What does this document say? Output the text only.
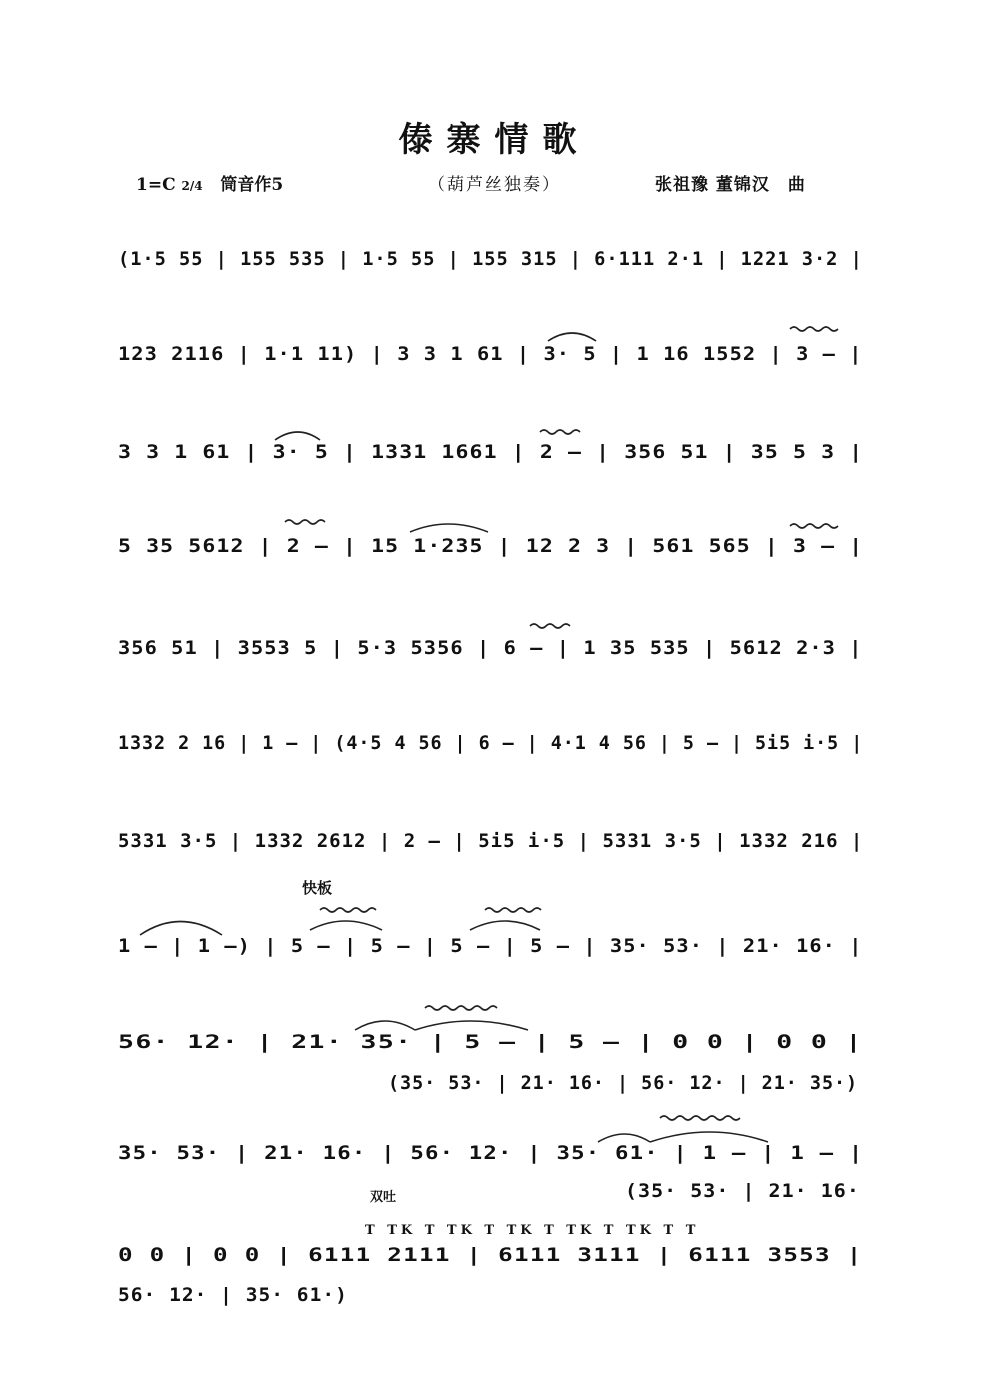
傣寨情歌
1=C 2/4 筒音作5	（葫芦丝独奏）	张祖豫 董锦汉　曲
(1·5 55 | 155 535 | 1·5 55 | 155 315 | 6·111 2·1 | 1221 3·2 |
123 2116 | 1·1 11) | 3 3 1 61 | 3· 5 | 1 16 1552 | 3 — |
3 3 1 61 | 3· 5 | 1331 1661 | 2 — | 356 51 | 35 5 3 |
5 35 5612 | 2 — | 15 1·235 | 12 2 3 | 561 565 | 3 — |
356 51 | 3553 5 | 5·3 5356 | 6 — | 1 35 535 | 5612 2·3 |
1332 2 16 | 1 — | (4·5 4 56 | 6 — | 4·1 4 56 | 5 — | 5i5 i·5 |
5331 3·5 | 1332 2612 | 2 — | 5i5 i·5 | 5331 3·5 | 1332 216 |
快板
1 — | 1 —) | 5 — | 5 — | 5 — | 5 — | 35· 53· | 21· 16· |
56· 12· | 21· 35· | 5 — | 5 — | 0 0 | 0 0 |
(35· 53· | 21· 16· | 56· 12· | 21· 35·)
35· 53· | 21· 16· | 56· 12· | 35· 61· | 1 — | 1 — |
双吐	(35· 53· | 21· 16·
T TK T TK T TK T TK T TK T T
0 0 | 0 0 | 6111 2111 | 6111 3111 | 6111 3553 |
56· 12· | 35· 61·)
